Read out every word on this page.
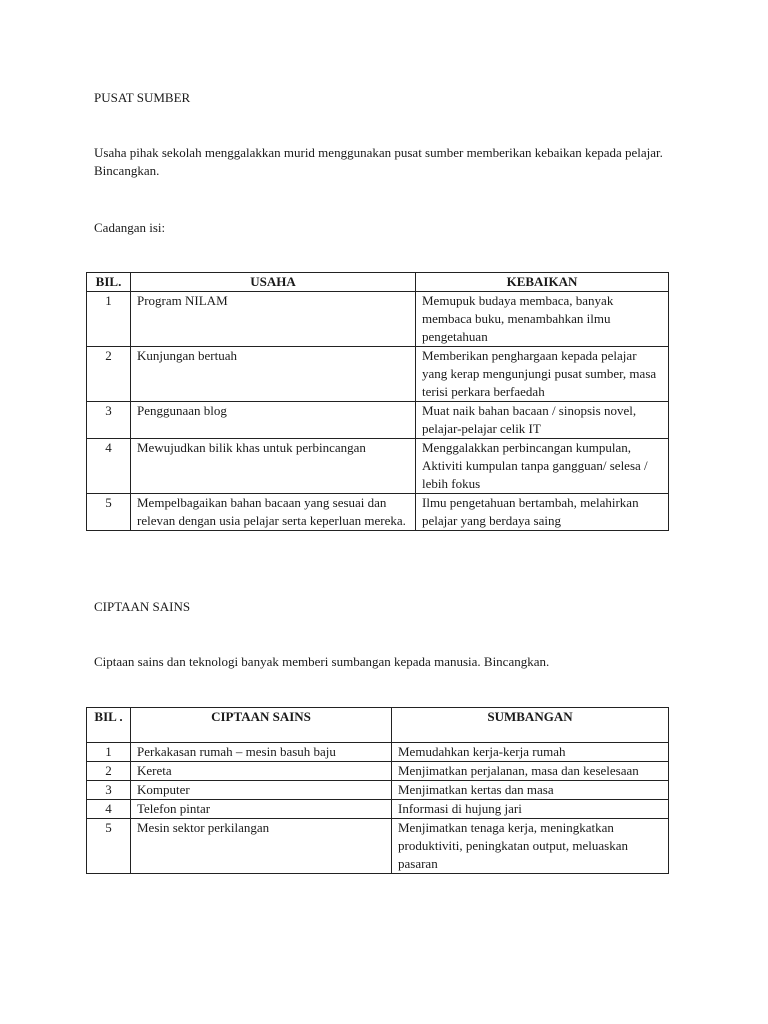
PUSAT SUMBER

Usaha pihak sekolah menggalakkan murid menggunakan pusat sumber memberikan kebaikan kepada pelajar. Bincangkan.

Cadangan isi:

BIL.	USAHA	KEBAIKAN
1	Program NILAM	Memupuk budaya membaca, banyak membaca buku, menambahkan ilmu pengetahuan
2	Kunjungan bertuah	Memberikan penghargaan kepada pelajar yang kerap mengunjungi pusat sumber, masa terisi perkara berfaedah
3	Penggunaan blog	Muat naik bahan bacaan / sinopsis novel, pelajar-pelajar celik IT
4	Mewujudkan bilik khas untuk perbincangan	Menggalakkan perbincangan kumpulan, Aktiviti kumpulan tanpa gangguan/ selesa / lebih fokus
5	Mempelbagaikan bahan bacaan yang sesuai dan relevan dengan usia pelajar serta keperluan mereka.	Ilmu pengetahuan bertambah, melahirkan pelajar yang berdaya saing

CIPTAAN SAINS

Ciptaan sains dan teknologi banyak memberi sumbangan kepada manusia. Bincangkan.

BIL .	CIPTAAN SAINS	SUMBANGAN
1	Perkakasan rumah – mesin basuh baju	Memudahkan kerja-kerja rumah
2	Kereta	Menjimatkan perjalanan, masa dan keselesaan
3	Komputer	Menjimatkan kertas dan masa
4	Telefon pintar	Informasi di hujung jari
5	Mesin sektor perkilangan	Menjimatkan tenaga kerja, meningkatkan produktiviti, peningkatan output, meluaskan pasaran
